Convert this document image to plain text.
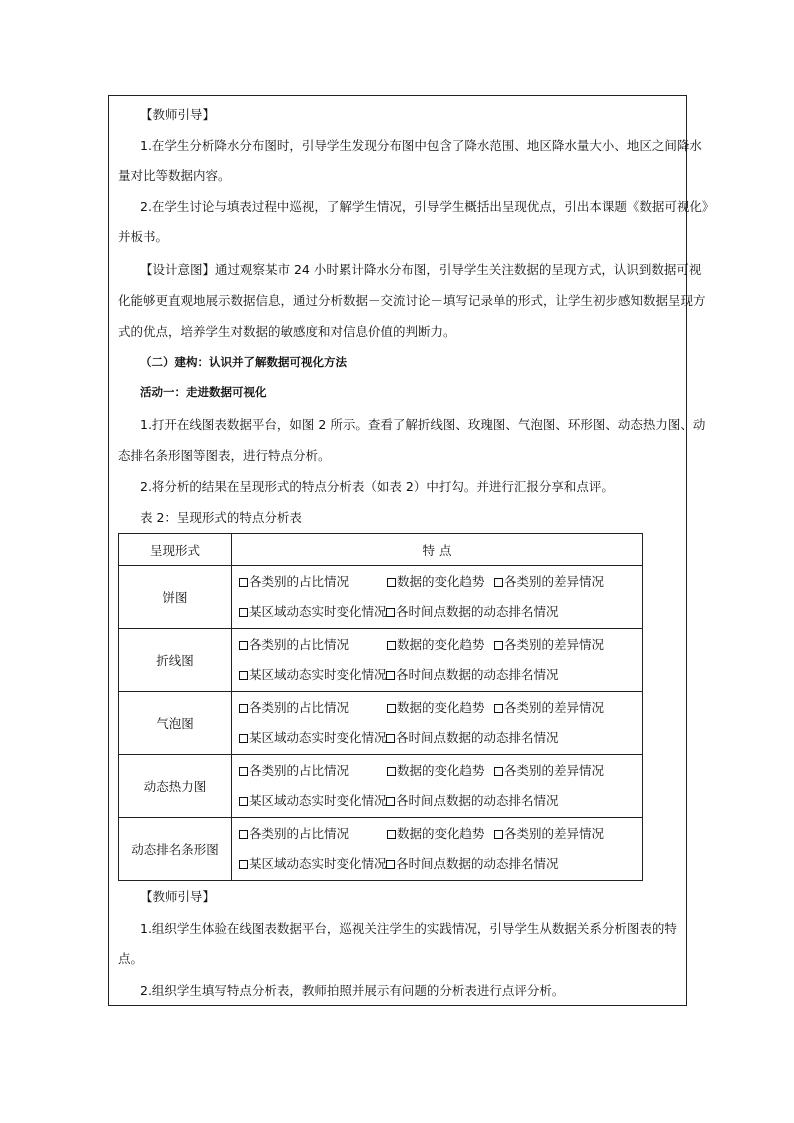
【教师引导】
1.在学生分析降水分布图时，引导学生发现分布图中包含了降水范围、地区降水量大小、地区之间降水
量对比等数据内容。
2.在学生讨论与填表过程中巡视，了解学生情况，引导学生概括出呈现优点，引出本课题《数据可视化》
并板书。
【设计意图】通过观察某市 24 小时累计降水分布图，引导学生关注数据的呈现方式，认识到数据可视
化能够更直观地展示数据信息，通过分析数据－交流讨论－填写记录单的形式，让学生初步感知数据呈现方
式的优点，培养学生对数据的敏感度和对信息价值的判断力。
（二）建构：认识并了解数据可视化方法
活动一：走进数据可视化
1.打开在线图表数据平台，如图 2 所示。查看了解折线图、玫瑰图、气泡图、环形图、动态热力图、动
态排名条形图等图表，进行特点分析。
2.将分析的结果在呈现形式的特点分析表（如表 2）中打勾。并进行汇报分享和点评。
表 2：呈现形式的特点分析表
呈现形式	特 点
饼图	各类别的占比情况 数据的变化趋势 各类别的差异情况
某区域动态实时变化情况 各时间点数据的动态排名情况

折线图	各类别的占比情况 数据的变化趋势 各类别的差异情况
某区域动态实时变化情况 各时间点数据的动态排名情况

气泡图	各类别的占比情况 数据的变化趋势 各类别的差异情况
某区域动态实时变化情况 各时间点数据的动态排名情况

动态热力图	各类别的占比情况 数据的变化趋势 各类别的差异情况
某区域动态实时变化情况 各时间点数据的动态排名情况

动态排名条形图	各类别的占比情况 数据的变化趋势 各类别的差异情况
某区域动态实时变化情况 各时间点数据的动态排名情况
【教师引导】
1.组织学生体验在线图表数据平台，巡视关注学生的实践情况，引导学生从数据关系分析图表的特
点。
2.组织学生填写特点分析表，教师拍照并展示有问题的分析表进行点评分析。
